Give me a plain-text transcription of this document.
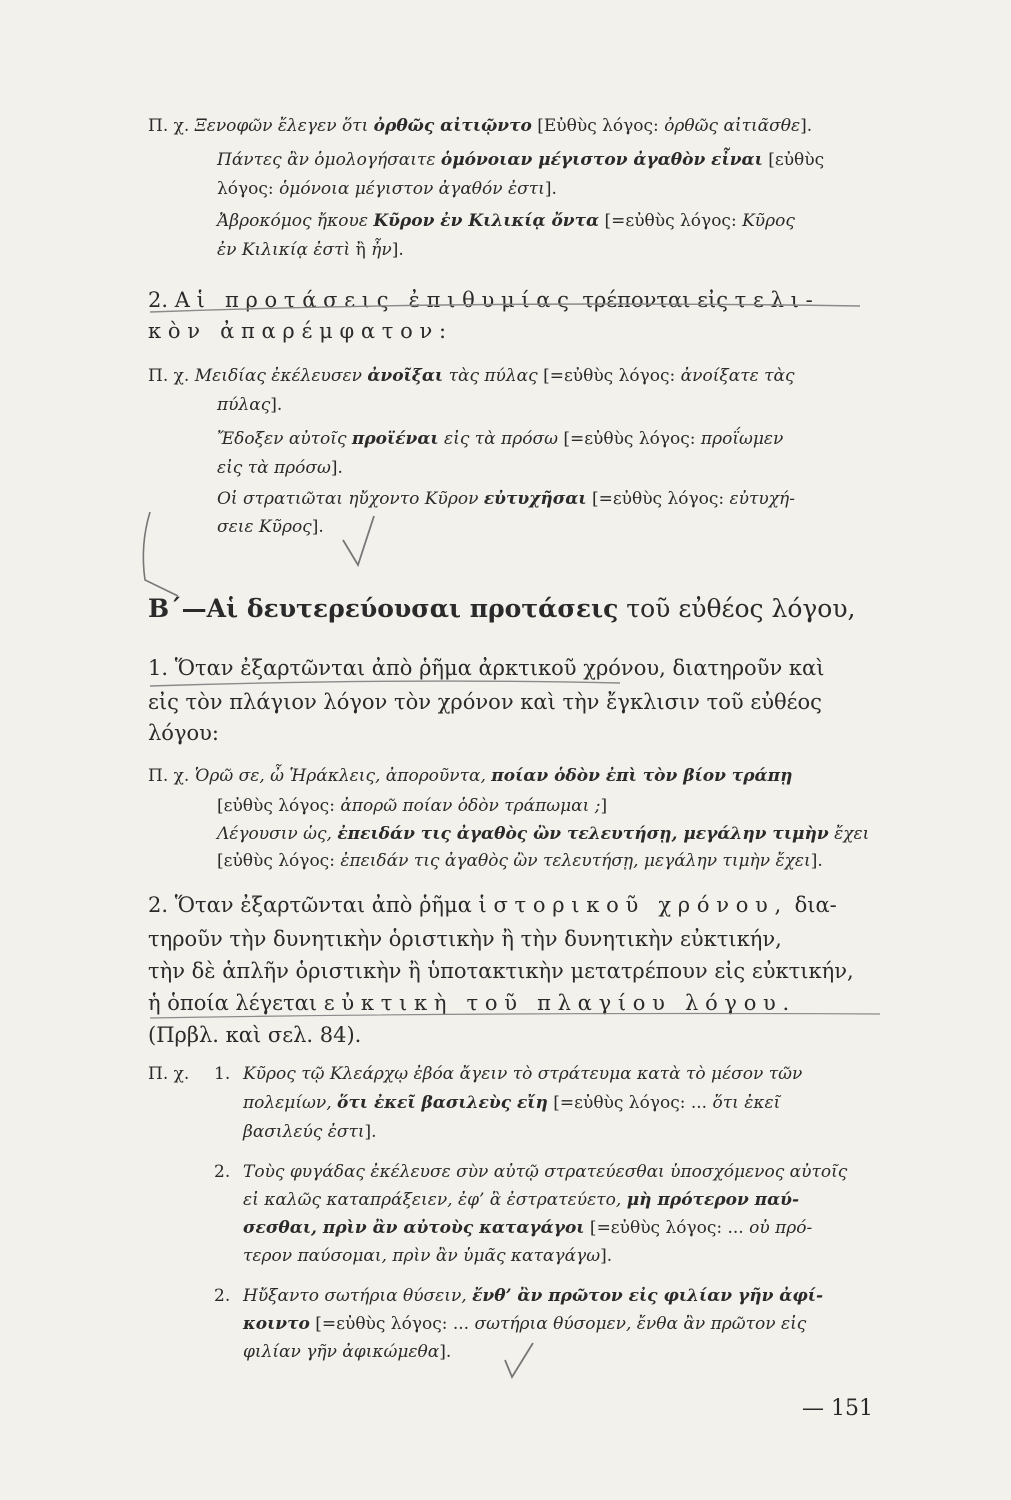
Π. χ. Ξενοφῶν ἔλεγεν ὅτι ὀρθῶς αἰτιῷντο [Εὐθὺς λόγος: ὀρθῶς αἰτιᾶσθε].
Πάντες ἂν ὁμολογήσαιτε ὁμόνοιαν μέγιστον ἀγαθὸν εἶναι [εὐθὺς
λόγος: ὁμόνοια μέγιστον ἀγαθόν ἐστι].
Ἀβροκόμος ἤκουε Κῦρον ἐν Κιλικίᾳ ὄντα [=εὐθὺς λόγος: Κῦρος
ἐν Κιλικίᾳ ἐστὶ ἢ ἦν].
2. Αἱ προτάσεις ἐπιθυμίας τρέπονται εἰς τελι-
κὸν ἀπαρέμφατον:
Π. χ. Μειδίας ἐκέλευσεν ἀνοῖξαι τὰς πύλας [=εὐθὺς λόγος: ἀνοίξατε τὰς
πύλας].
Ἔδοξεν αὐτοῖς προϊέναι εἰς τὰ πρόσω [=εὐθὺς λόγος: προΐωμεν
εἰς τὰ πρόσω].
Οἱ στρατιῶται ηὔχοντο Κῦρον εὐτυχῆσαι [=εὐθὺς λόγος: εὐτυχή-
σειε Κῦρος].
Β΄—Αἱ δευτερεύουσαι προτάσεις τοῦ εὐθέος λόγου,
1. Ὅταν ἐξαρτῶνται ἀπὸ ῥῆμα ἀρκτικοῦ χρόνου, διατηροῦν καὶ
εἰς τὸν πλάγιον λόγον τὸν χρόνον καὶ τὴν ἔγκλισιν τοῦ εὐθέος
λόγου:
Π. χ. Ὁρῶ σε, ὦ Ἡράκλεις, ἀποροῦντα, ποίαν ὁδὸν ἐπὶ τὸν βίον τράπῃ
[εὐθὺς λόγος: ἀπορῶ ποίαν ὁδὸν τράπωμαι ;]
Λέγουσιν ὡς, ἐπειδάν τις ἀγαθὸς ὢν τελευτήσῃ, μεγάλην τιμὴν ἔχει
[εὐθὺς λόγος: ἐπειδάν τις ἀγαθὸς ὢν τελευτήσῃ, μεγάλην τιμὴν ἔχει].
2. Ὅταν ἐξαρτῶνται ἀπὸ ῥῆμα ἱστορικοῦ χρόνου, δια-
τηροῦν τὴν δυνητικὴν ὁριστικὴν ἢ τὴν δυνητικὴν εὐκτικήν,
τὴν δὲ ἁπλῆν ὁριστικὴν ἢ ὑποτακτικὴν μετατρέπουν εἰς εὐκτικήν,
ἡ ὁποία λέγεται εὐκτικὴ τοῦ πλαγίου λόγου.
(Πρβλ. καὶ σελ. 84).
Π. χ. 1. Κῦρος τῷ Κλεάρχῳ ἐβόα ἄγειν τὸ στράτευμα κατὰ τὸ μέσον τῶν
πολεμίων, ὅτι ἐκεῖ βασιλεὺς εἴη [=εὐθὺς λόγος: ... ὅτι ἐκεῖ
βασιλεύς ἐστι].
2. Τοὺς φυγάδας ἐκέλευσε σὺν αὐτῷ στρατεύεσθαι ὑποσχόμενος αὐτοῖς
εἰ καλῶς καταπράξειεν, ἐφ’ ἃ ἐστρατεύετο, μὴ πρότερον παύ-
σεσθαι, πρὶν ἂν αὐτοὺς καταγάγοι [=εὐθὺς λόγος: ... οὐ πρό-
τερον παύσομαι, πρὶν ἂν ὑμᾶς καταγάγω].
2. Ηὔξαντο σωτήρια θύσειν, ἔνθ’ ἂν πρῶτον εἰς φιλίαν γῆν ἀφί-
κοιντο [=εὐθὺς λόγος: ... σωτήρια θύσομεν, ἔνθα ἂν πρῶτον εἰς
φιλίαν γῆν ἀφικώμεθα].
— 151
